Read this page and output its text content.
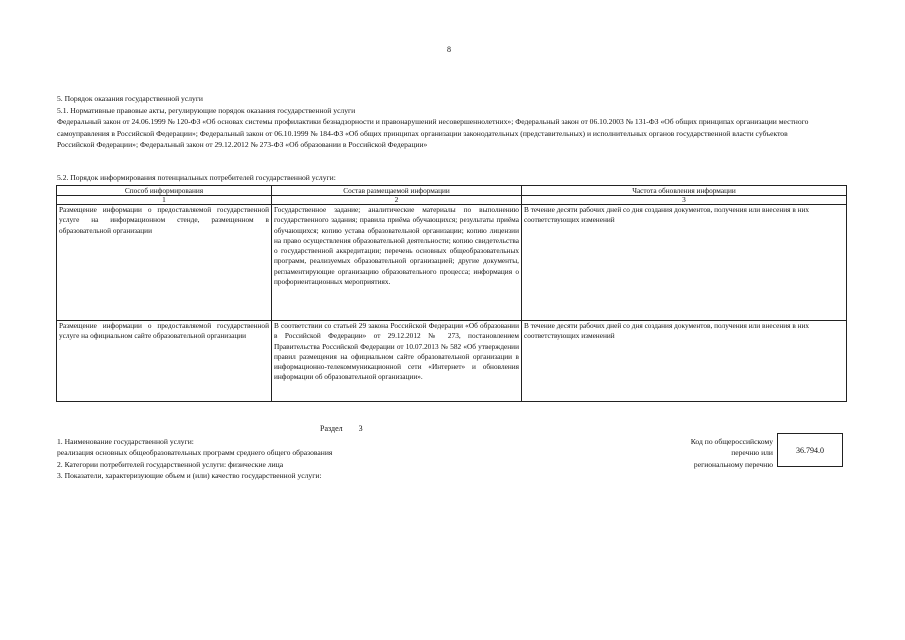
8
5. Порядок оказания государственной услуги
5.1. Нормативные правовые акты, регулирующие порядок оказания государственной услуги
Федеральный закон от 24.06.1999 № 120-ФЗ «Об основах системы профилактики безнадзорности и правонарушений несовершеннолетних»; Федеральный закон от 06.10.2003 № 131-ФЗ «Об общих принципах организации местного самоуправления в Российской Федерации»; Федеральный закон от 06.10.1999 № 184-ФЗ «Об общих принципах организации законодательных (представительных) и исполнительных органов государственной власти субъектов Российской Федерации»; Федеральный закон от 29.12.2012 № 273-ФЗ «Об образовании в Российской Федерации»
5.2. Порядок информирования потенциальных потребителей государственной услуги:
Способ информирования	Состав размещаемой информации	Частота обновления информации
1	2	3
Размещение информации о предоставляемой государственной услуге на информационном стенде, размещенном в образовательной организации	Государственное задание; аналитические материалы по выполнению государственного задания; правила приёма обучающихся; результаты приёма обучающихся; копию устава образовательной организации; копию лицензии на право осуществления образовательной деятельности; копию свидетельства о государственной аккредитации; перечень основных общеобразовательных программ, реализуемых образовательной организацией; другие документы, регламентирующие организацию образовательного процесса; информация о профориентационных мероприятиях.	В течение десяти рабочих дней со дня создания документов, получения или внесения в них соответствующих изменений
Размещение информации о предоставляемой государственной услуге на официальном сайте образовательной организации	В соответствии со статьей 29 закона Российской Федерации «Об образовании в Российской Федерации» от 29.12.2012 № 273, постановлением Правительства Российской Федерации от 10.07.2013 № 582 «Об утверждении правил размещения на официальном сайте образовательной организации в информационно-телекоммуникационной сети «Интернет» и обновления информации об образовательной организации».	В течение десяти рабочих дней со дня создания документов, получения или внесения в них соответствующих изменений
Раздел 3
1. Наименование государственной услуги:
реализация основных общеобразовательных программ среднего общего образования
2. Категории потребителей государственной услуги: физические лица
3. Показатели, характеризующие объем и (или) качество государственной услуги:
Код по общероссийскому
перечню или
региональному перечню
36.794.0
